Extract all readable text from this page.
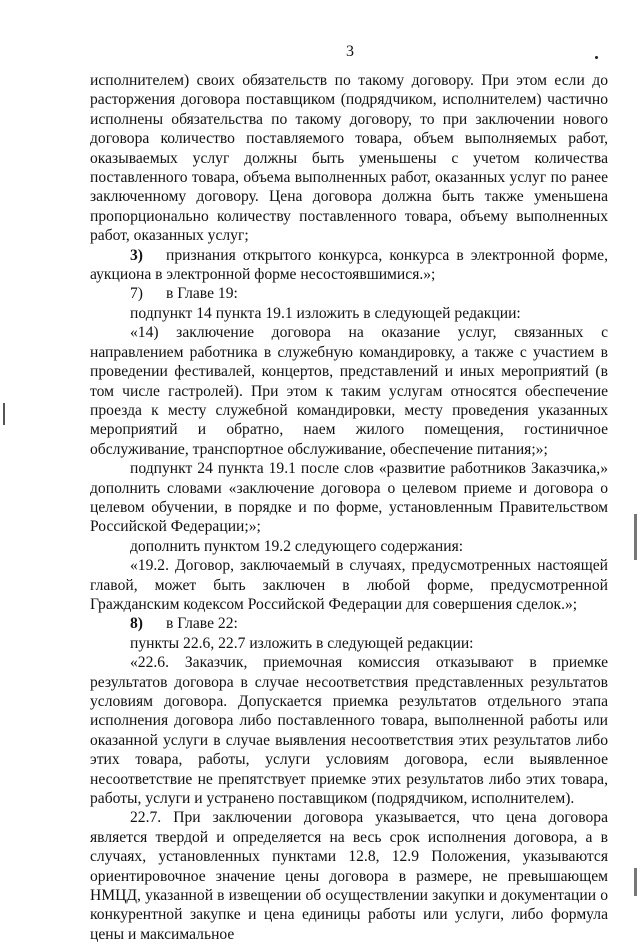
3

исполнителем) своих обязательств по такому договору. При этом если до расторжения договора поставщиком (подрядчиком, исполнителем) частично исполнены обязательства по такому договору, то при заключении нового договора количество поставляемого товара, объем выполняемых работ, оказываемых услуг должны быть уменьшены с учетом количества поставленного товара, объема выполненных работ, оказанных услуг по ранее заключенному договору. Цена договора должна быть также уменьшена пропорционально количеству поставленного товара, объему выполненных работ, оказанных услуг;

3) признания открытого конкурса, конкурса в электронной форме, аукциона в электронной форме несостоявшимися.»;

7) в Главе 19:

подпункт 14 пункта 19.1 изложить в следующей редакции:

«14) заключение договора на оказание услуг, связанных с направлением работника в служебную командировку, а также с участием в проведении фестивалей, концертов, представлений и иных мероприятий (в том числе гастролей). При этом к таким услугам относятся обеспечение проезда к месту служебной командировки, месту проведения указанных мероприятий и обратно, наем жилого помещения, гостиничное обслуживание, транспортное обслуживание, обеспечение питания;»;

подпункт 24 пункта 19.1 после слов «развитие работников Заказчика,» дополнить словами «заключение договора о целевом приеме и договора о целевом обучении, в порядке и по форме, установленным Правительством Российской Федерации;»;

дополнить пунктом 19.2 следующего содержания:

«19.2. Договор, заключаемый в случаях, предусмотренных настоящей главой, может быть заключен в любой форме, предусмотренной Гражданским кодексом Российской Федерации для совершения сделок.»;

8) в Главе 22:

пункты 22.6, 22.7 изложить в следующей редакции:

«22.6. Заказчик, приемочная комиссия отказывают в приемке результатов договора в случае несоответствия представленных результатов условиям договора. Допускается приемка результатов отдельного этапа исполнения договора либо поставленного товара, выполненной работы или оказанной услуги в случае выявления несоответствия этих результатов либо этих товара, работы, услуги условиям договора, если выявленное несоответствие не препятствует приемке этих результатов либо этих товара, работы, услуги и устранено поставщиком (подрядчиком, исполнителем).

22.7. При заключении договора указывается, что цена договора является твердой и определяется на весь срок исполнения договора, а в случаях, установленных пунктами 12.8, 12.9 Положения, указываются ориентировочное значение цены договора в размере, не превышающем НМЦД, указанной в извещении об осуществлении закупки и документации о конкурентной закупке и цена единицы работы или услуги, либо формула цены и максимальное
